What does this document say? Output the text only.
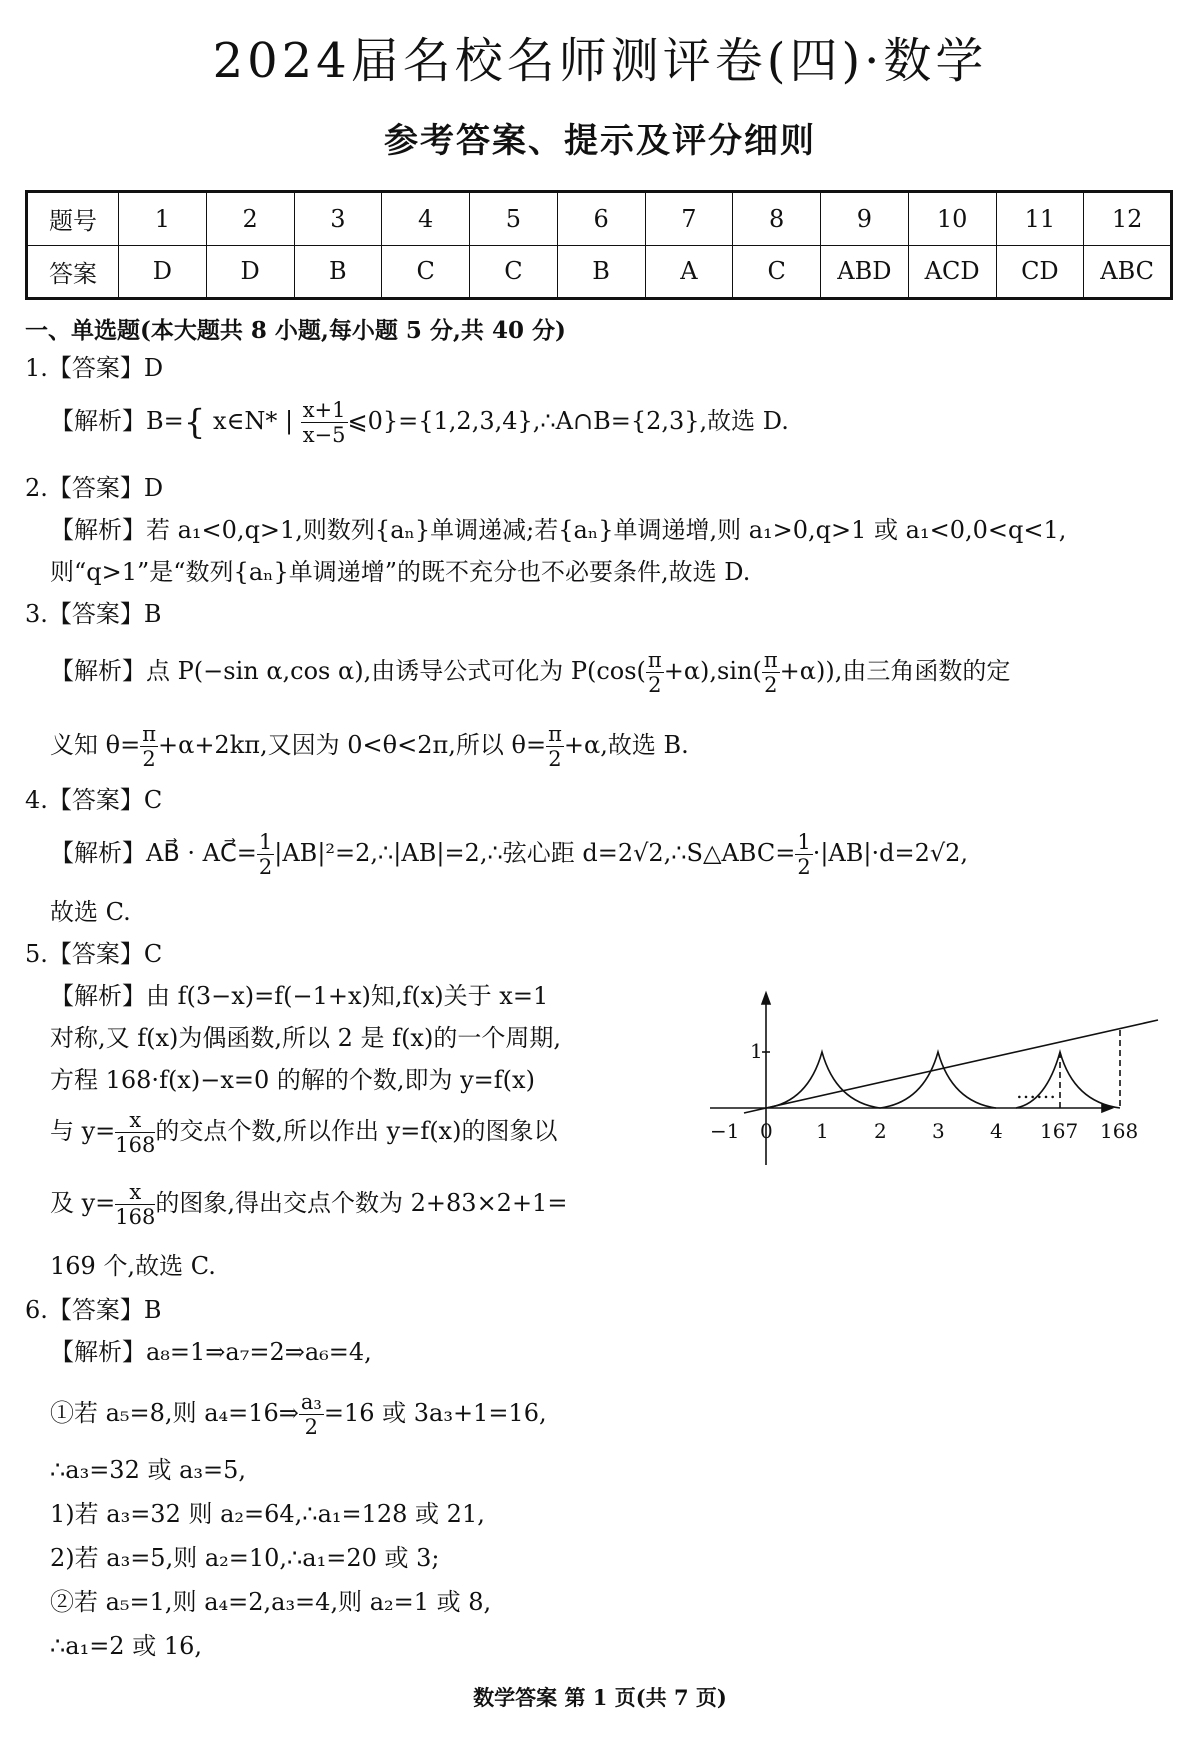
2024届名校名师测评卷(四)·数学
参考答案、提示及评分细则
题号	1	2	3	4	5	6	7	8	9	10	11	12
答案	D	D	B	C	C	B	A	C	ABD	ACD	CD	ABC
一、单选题(本大题共 8 小题,每小题 5 分,共 40 分)
1.【答案】D
【解析】B={ x∈N* | $\frac{x+1}{x-5}$ ⩽0}={1,2,3,4},∴A∩B={2,3},故选 D.
2.【答案】D
【解析】若 a₁<0,q>1,则数列{aₙ}单调递减;若{aₙ}单调递增,则 a₁>0,q>1 或 a₁<0,0<q<1,
则“q>1”是“数列{aₙ}单调递增”的既不充分也不必要条件,故选 D.
3.【答案】B
【解析】点 P(−sin α,cos α),由诱导公式可化为 $P(\cos( \frac{\pi}{2} +\alpha),\sin( \frac{\pi}{2} +\alpha))$,由三角函数的定
义知 $\theta= \frac{\pi}{2} +\alpha+2k\pi$,又因为 0<θ<2π,所以 $\theta= \frac{\pi}{2} +\alpha$,故选 B.
4.【答案】C
【解析】AB⃗ · AC⃗= $\frac{1}{2}$ |AB|²=2,∴|AB|=2,∴弦心距 d=2√2,∴S△ABC= $\frac{1}{2} \cdot|AB|\cdot d=2√2$,
故选 C.
5.【答案】C
【解析】由 f(3−x)=f(−1+x)知,f(x)关于 x=1
对称,又 f(x)为偶函数,所以 2 是 f(x)的一个周期,
方程 168·f(x)−x=0 的解的个数,即为 y=f(x)
与 $y= \frac{x}{168}$ 的交点个数,所以作出 y=f(x)的图象以
及 $y= \frac{x}{168}$ 的图象,得出交点个数为 2+83×2+1=
169 个,故选 C.
1
−1 0 1 2 3 4 167 168
……
6.【答案】B
【解析】a₈=1⇒a₇=2⇒a₆=4,
①若 a₅=8,则 a₄=16⇒ $\frac{\text{a₃}}{2} =16$ 或 3a₃+1=16,
∴a₃=32 或 a₃=5,
1)若 a₃=32 则 a₂=64,∴a₁=128 或 21,
2)若 a₃=5,则 a₂=10,∴a₁=20 或 3;
②若 a₅=1,则 a₄=2,a₃=4,则 a₂=1 或 8,
∴a₁=2 或 16,
数学答案 第 1 页(共 7 页)
